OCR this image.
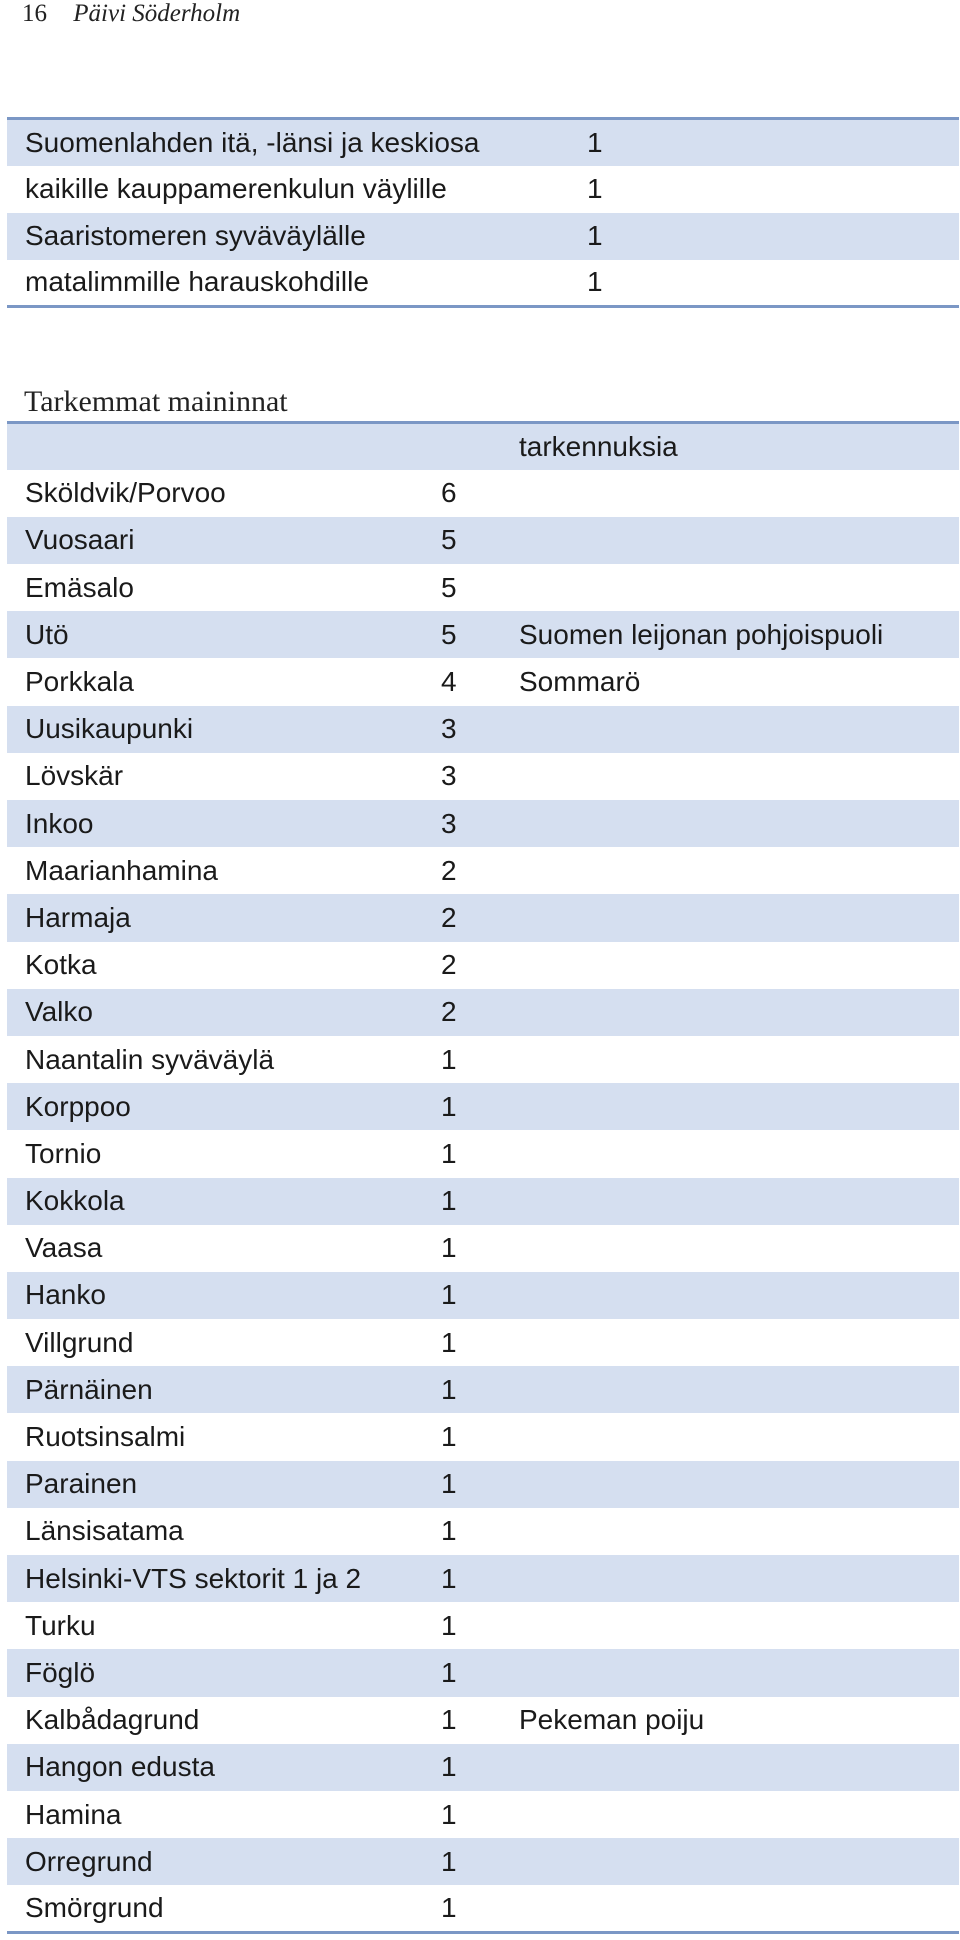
16 Päivi Söderholm
Suomenlahden itä, -länsi ja keskiosa	1
kaikille kauppamerenkulun väylille	1
Saaristomeren syväväylälle	1
matalimmille harauskohdille	1
Tarkemmat maininnat
		tarkennuksia
Sköldvik/Porvoo	6	
Vuosaari	5	
Emäsalo	5	
Utö	5	Suomen leijonan pohjoispuoli
Porkkala	4	Sommarö
Uusikaupunki	3	
Lövskär	3	
Inkoo	3	
Maarianhamina	2	
Harmaja	2	
Kotka	2	
Valko	2	
Naantalin syväväylä	1	
Korppoo	1	
Tornio	1	
Kokkola	1	
Vaasa	1	
Hanko	1	
Villgrund	1	
Pärnäinen	1	
Ruotsinsalmi	1	
Parainen	1	
Länsisatama	1	
Helsinki-VTS sektorit 1 ja 2	1	
Turku	1	
Föglö	1	
Kalbådagrund	1	Pekeman poiju
Hangon edusta	1	
Hamina	1	
Orregrund	1	
Smörgrund	1	
